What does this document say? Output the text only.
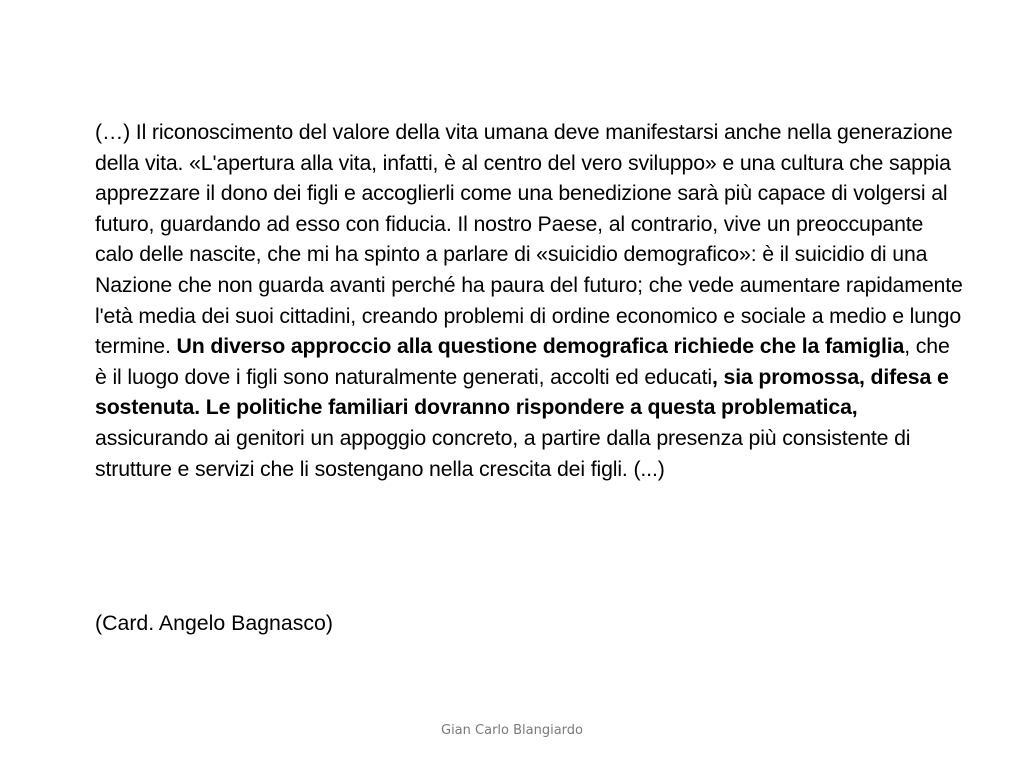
(…) Il riconoscimento del valore della vita umana deve manifestarsi anche nella generazione della vita. «L'apertura alla vita, infatti, è al centro del vero sviluppo» e una cultura che sappia apprezzare il dono dei figli e accoglierli come una benedizione sarà più capace di volgersi al futuro, guardando ad esso con fiducia. Il nostro Paese, al contrario, vive un preoccupante calo delle nascite, che mi ha spinto a parlare di «suicidio demografico»: è il suicidio di una Nazione che non guarda avanti perché ha paura del futuro; che vede aumentare rapidamente l'età media dei suoi cittadini, creando problemi di ordine economico e sociale a medio e lungo termine. Un diverso approccio alla questione demografica richiede che la famiglia, che è il luogo dove i figli sono naturalmente generati, accolti ed educati, sia promossa, difesa e sostenuta. Le politiche familiari dovranno rispondere a questa problematica, assicurando ai genitori un appoggio concreto, a partire dalla presenza più consistente di strutture e servizi che li sostengano nella crescita dei figli. (...)
(Card. Angelo Bagnasco)
Gian Carlo Blangiardo
